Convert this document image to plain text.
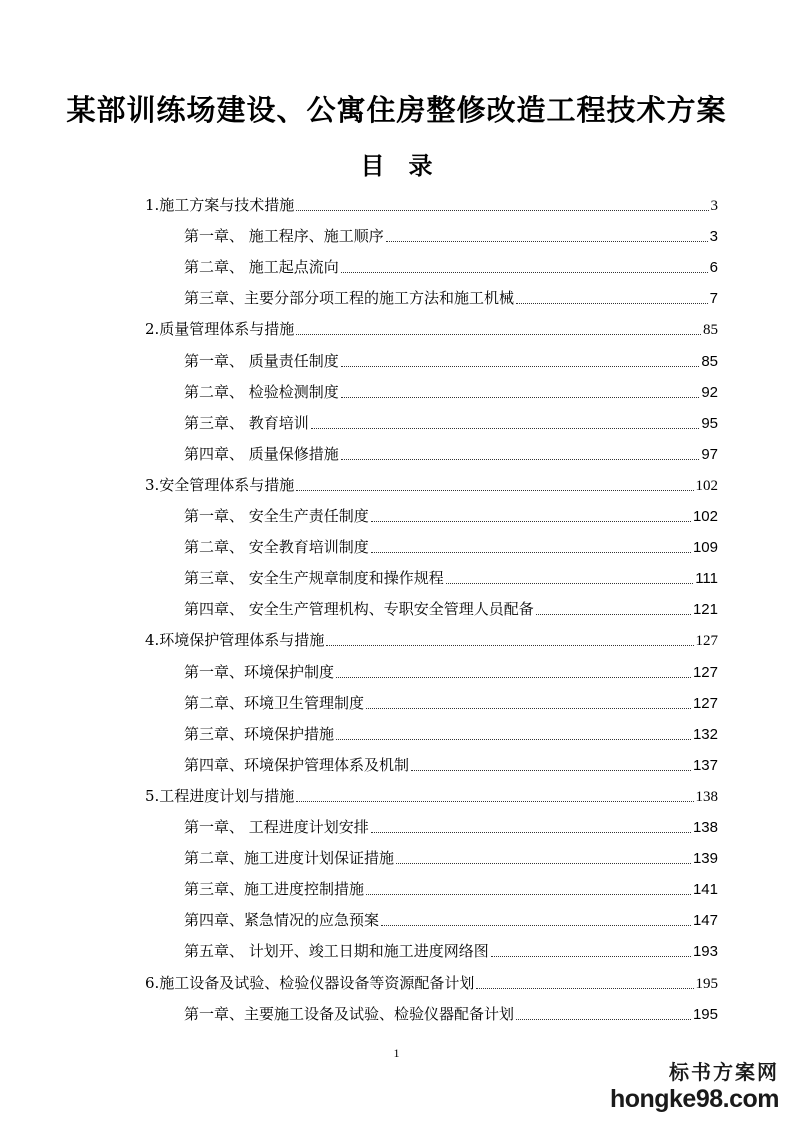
某部训练场建设、公寓住房整修改造工程技术方案
目 录
1.施工方案与技术措施	3
第一章、 施工程序、施工顺序	3
第二章、 施工起点流向	6
第三章、主要分部分项工程的施工方法和施工机械	7
2.质量管理体系与措施	85
第一章、 质量责任制度	85
第二章、 检验检测制度	92
第三章、 教育培训	95
第四章、 质量保修措施	97
3.安全管理体系与措施	102
第一章、 安全生产责任制度	102
第二章、 安全教育培训制度	109
第三章、 安全生产规章制度和操作规程	111
第四章、 安全生产管理机构、专职安全管理人员配备	121
4.环境保护管理体系与措施	127
第一章、环境保护制度	127
第二章、环境卫生管理制度	127
第三章、环境保护措施	132
第四章、环境保护管理体系及机制	137
5.工程进度计划与措施	138
第一章、 工程进度计划安排	138
第二章、施工进度计划保证措施	139
第三章、施工进度控制措施	141
第四章、紧急情况的应急预案	147
第五章、 计划开、竣工日期和施工进度网络图	193
6.施工设备及试验、检验仪器设备等资源配备计划	195
第一章、主要施工设备及试验、检验仪器配备计划	195
1
标书方案网
hongke98.com
